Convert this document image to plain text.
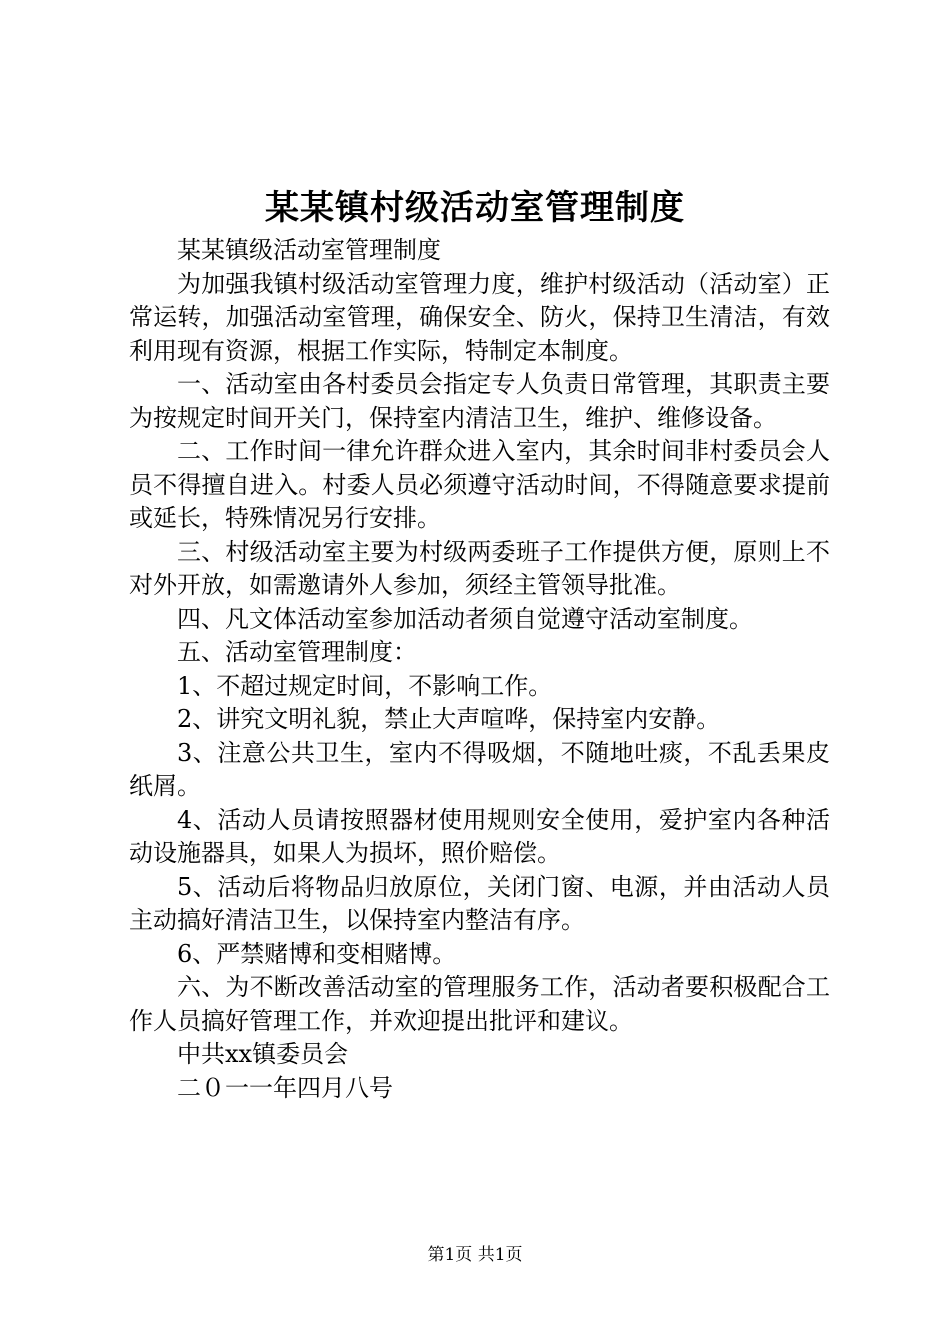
某某镇村级活动室管理制度

某某镇级活动室管理制度

为加强我镇村级活动室管理力度，维护村级活动（活动室）正常运转，加强活动室管理，确保安全、防火，保持卫生清洁，有效利用现有资源，根据工作实际，特制定本制度。

一、活动室由各村委员会指定专人负责日常管理，其职责主要为按规定时间开关门，保持室内清洁卫生，维护、维修设备。

二、工作时间一律允许群众进入室内，其余时间非村委员会人员不得擅自进入。村委人员必须遵守活动时间，不得随意要求提前或延长，特殊情况另行安排。

三、村级活动室主要为村级两委班子工作提供方便，原则上不对外开放，如需邀请外人参加，须经主管领导批准。

四、凡文体活动室参加活动者须自觉遵守活动室制度。

五、活动室管理制度：

1、不超过规定时间，不影响工作。

2、讲究文明礼貌，禁止大声喧哗，保持室内安静。

3、注意公共卫生，室内不得吸烟，不随地吐痰，不乱丢果皮纸屑。

4、活动人员请按照器材使用规则安全使用，爱护室内各种活动设施器具，如果人为损坏，照价赔偿。

5、活动后将物品归放原位，关闭门窗、电源，并由活动人员主动搞好清洁卫生，以保持室内整洁有序。

6、严禁赌博和变相赌博。

六、为不断改善活动室的管理服务工作，活动者要积极配合工作人员搞好管理工作，并欢迎提出批评和建议。

中共xx镇委员会

二０一一年四月八号

第1页 共1页
